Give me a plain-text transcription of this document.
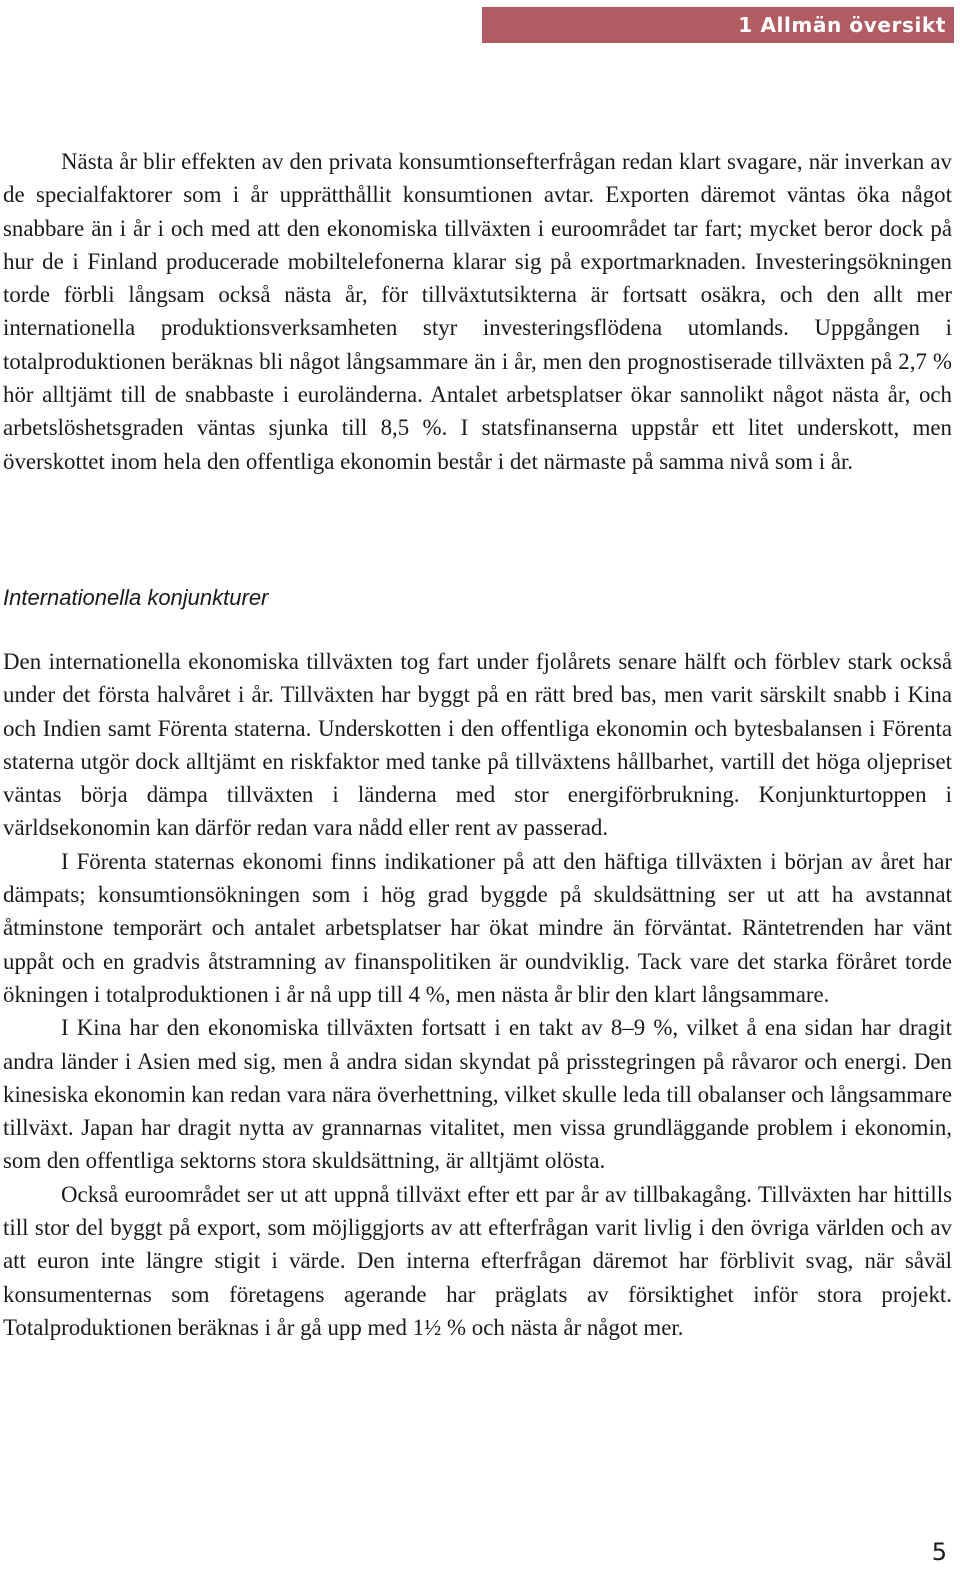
1 Allmän översikt

Nästa år blir effekten av den privata konsumtionsefterfrågan redan klart svagare, när inverkan av de specialfaktorer som i år upprätthållit konsumtionen avtar. Exporten däremot väntas öka något snabbare än i år i och med att den ekonomiska tillväxten i euroområdet tar fart; mycket beror dock på hur de i Finland producerade mobiltelefonerna klarar sig på exportmarknaden. Investeringsökningen torde förbli långsam också nästa år, för tillväxtutsikterna är fortsatt osäkra, och den allt mer internationella produktionsverksamheten styr investeringsflödena utomlands. Uppgången i totalproduktionen beräknas bli något långsammare än i år, men den prognostiserade tillväxten på 2,7 % hör alltjämt till de snabbaste i euroländerna. Antalet arbetsplatser ökar sannolikt något nästa år, och arbetslöshetsgraden väntas sjunka till 8,5 %. I statsfinanserna uppstår ett litet underskott, men överskottet inom hela den offentliga ekonomin består i det närmaste på samma nivå som i år.

Internationella konjunkturer

Den internationella ekonomiska tillväxten tog fart under fjolårets senare hälft och förblev stark också under det första halvåret i år. Tillväxten har byggt på en rätt bred bas, men varit särskilt snabb i Kina och Indien samt Förenta staterna. Underskotten i den offentliga ekonomin och bytesbalansen i Förenta staterna utgör dock alltjämt en riskfaktor med tanke på tillväxtens hållbarhet, vartill det höga oljepriset väntas börja dämpa tillväxten i länderna med stor energiförbrukning. Konjunkturtoppen i världsekonomin kan därför redan vara nådd eller rent av passerad.

I Förenta staternas ekonomi finns indikationer på att den häftiga tillväxten i början av året har dämpats; konsumtionsökningen som i hög grad byggde på skuldsättning ser ut att ha avstannat åtminstone temporärt och antalet arbetsplatser har ökat mindre än förväntat. Räntetrenden har vänt uppåt och en gradvis åtstramning av finanspolitiken är oundviklig. Tack vare det starka föråret torde ökningen i totalproduktionen i år nå upp till 4 %, men nästa år blir den klart långsammare.

I Kina har den ekonomiska tillväxten fortsatt i en takt av 8–9 %, vilket å ena sidan har dragit andra länder i Asien med sig, men å andra sidan skyndat på prisstegringen på råvaror och energi. Den kinesiska ekonomin kan redan vara nära överhettning, vilket skulle leda till obalanser och långsammare tillväxt. Japan har dragit nytta av grannarnas vitalitet, men vissa grundläggande problem i ekonomin, som den offentliga sektorns stora skuldsättning, är alltjämt olösta.

Också euroområdet ser ut att uppnå tillväxt efter ett par år av tillbakagång. Tillväxten har hittills till stor del byggt på export, som möjliggjorts av att efterfrågan varit livlig i den övriga världen och av att euron inte längre stigit i värde. Den interna efterfrågan däremot har förblivit svag, när såväl konsumenternas som företagens agerande har präglats av försiktighet inför stora projekt. Totalproduktionen beräknas i år gå upp med 1½ % och nästa år något mer.

5
